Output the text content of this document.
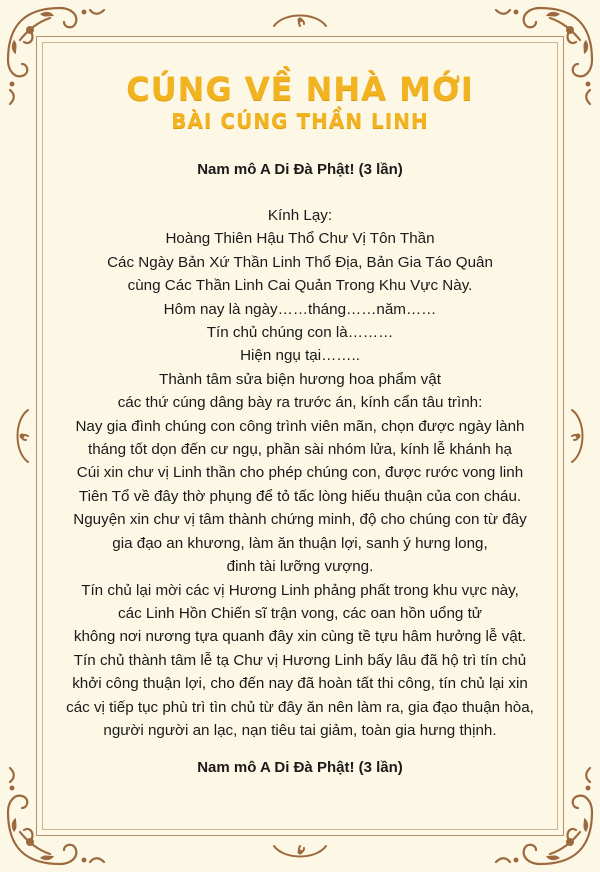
CÚNG VỀ NHÀ MỚI
BÀI CÚNG THẦN LINH
Nam mô A Di Đà Phật! (3 lần)
Kính Lạy:
Hoàng Thiên Hậu Thổ Chư Vị Tôn Thần
Các Ngày Bản Xứ Thần Linh Thổ Địa, Bản Gia Táo Quân
cùng Các Thần Linh Cai Quản Trong Khu Vực Này.
Hôm nay là ngày……tháng……năm……
Tín chủ chúng con là………
Hiện ngụ tại……..
Thành tâm sửa biện hương hoa phẩm vật
các thứ cúng dâng bày ra trước án, kính cẩn tâu trình:
Nay gia đình chúng con công trình viên mãn, chọn được ngày lành
tháng tốt dọn đến cư ngụ, phần sài nhóm lửa, kính lễ khánh hạ
Cúi xin chư vị Linh thần cho phép chúng con, được rước vong linh
Tiên Tổ về đây thờ phụng để tỏ tấc lòng hiếu thuận của con cháu.
Nguyện xin chư vị tâm thành chứng minh, độ cho chúng con từ đây
gia đạo an khương, làm ăn thuận lợi, sanh ý hưng long,
đinh tài lưỡng vượng.
Tín chủ lại mời các vị Hương Linh phảng phất trong khu vực này,
các Linh Hồn Chiến sĩ trận vong, các oan hồn uổng tử
không nơi nương tựa quanh đây xin cùng tề tựu hâm hưởng lễ vật.
Tín chủ thành tâm lễ tạ Chư vị Hương Linh bấy lâu đã hộ trì tín chủ
khởi công thuận lợi, cho đến nay đã hoàn tất thi công, tín chủ lại xin
các vị tiếp tục phù trì tìn chủ từ đây ăn nên làm ra, gia đạo thuận hòa,
người người an lạc, nạn tiêu tai giảm, toàn gia hưng thịnh.
Nam mô A Di Đà Phật! (3 lần)
